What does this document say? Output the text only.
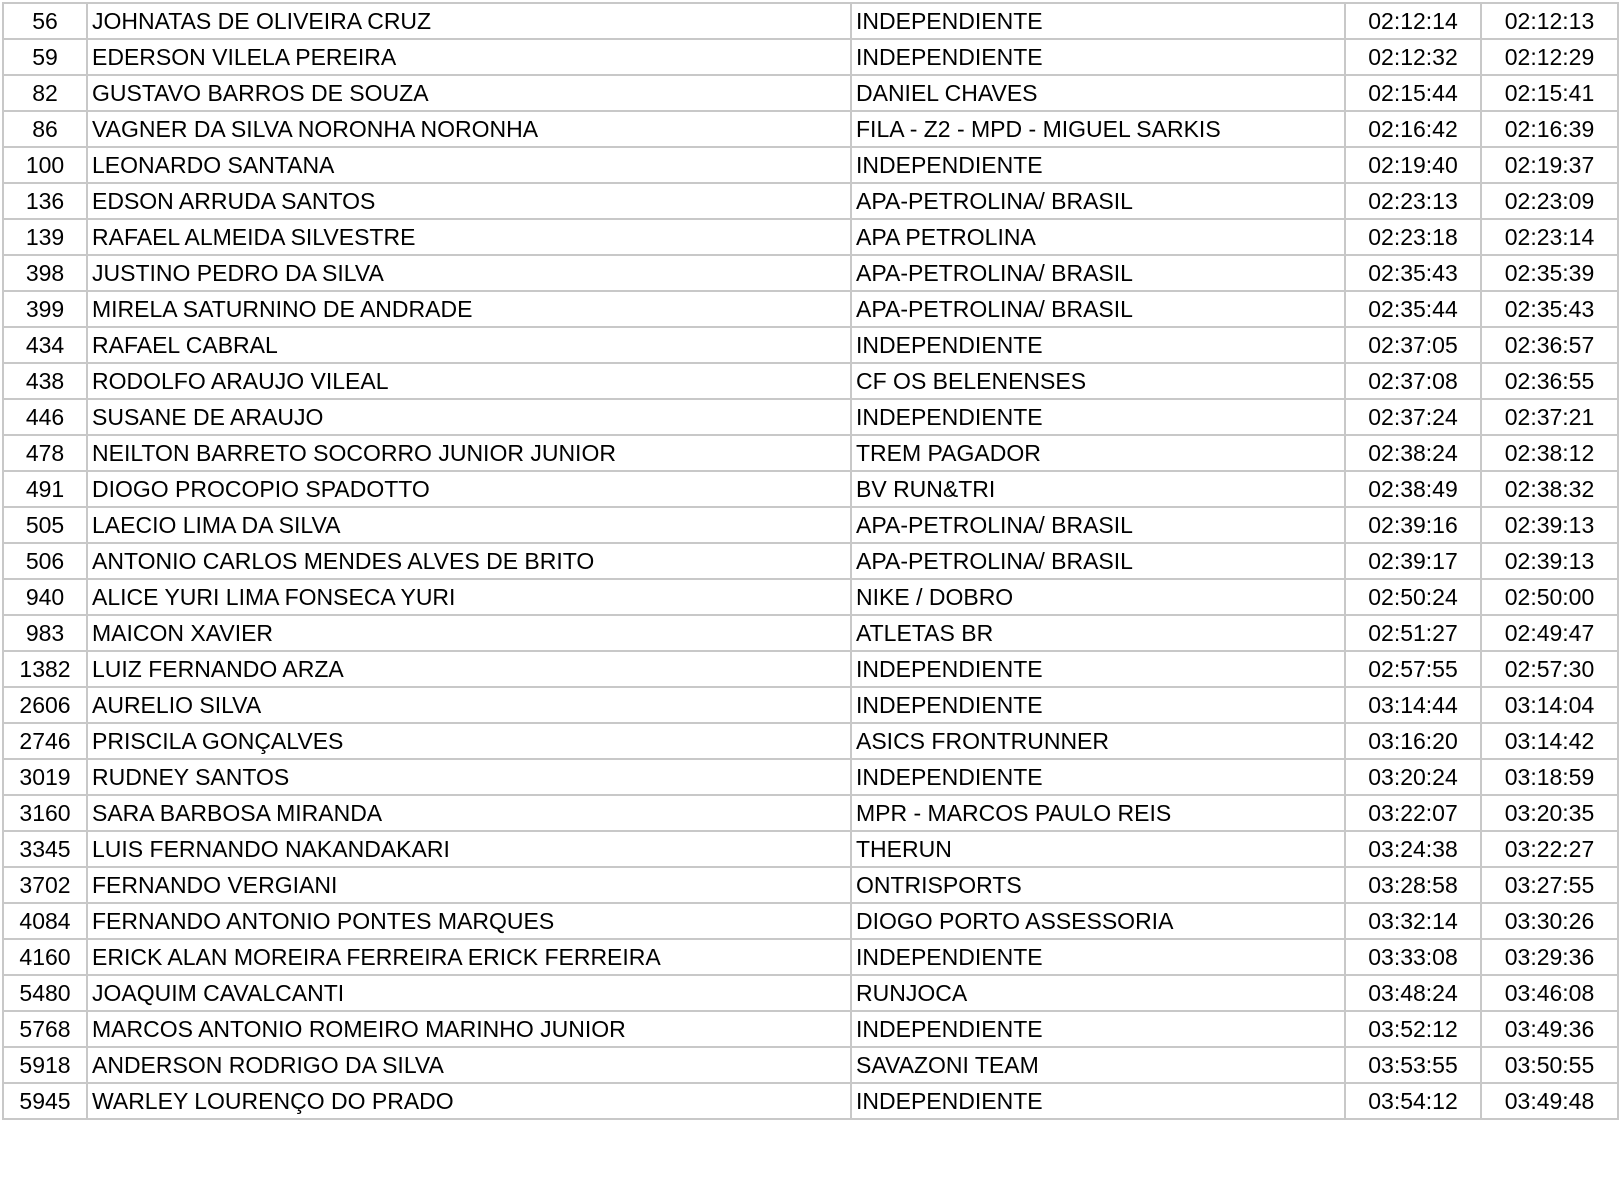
56	JOHNATAS DE OLIVEIRA CRUZ	INDEPENDIENTE	02:12:14	02:12:13
59	EDERSON VILELA PEREIRA	INDEPENDIENTE	02:12:32	02:12:29
82	GUSTAVO BARROS DE SOUZA	DANIEL CHAVES	02:15:44	02:15:41
86	VAGNER DA SILVA NORONHA NORONHA	FILA - Z2 - MPD - MIGUEL SARKIS	02:16:42	02:16:39
100	LEONARDO SANTANA	INDEPENDIENTE	02:19:40	02:19:37
136	EDSON ARRUDA SANTOS	APA-PETROLINA/ BRASIL	02:23:13	02:23:09
139	RAFAEL ALMEIDA SILVESTRE	APA PETROLINA	02:23:18	02:23:14
398	JUSTINO PEDRO DA SILVA	APA-PETROLINA/ BRASIL	02:35:43	02:35:39
399	MIRELA SATURNINO DE ANDRADE	APA-PETROLINA/ BRASIL	02:35:44	02:35:43
434	RAFAEL CABRAL	INDEPENDIENTE	02:37:05	02:36:57
438	RODOLFO ARAUJO VILEAL	CF OS BELENENSES	02:37:08	02:36:55
446	SUSANE DE ARAUJO	INDEPENDIENTE	02:37:24	02:37:21
478	NEILTON BARRETO SOCORRO JUNIOR JUNIOR	TREM PAGADOR	02:38:24	02:38:12
491	DIOGO PROCOPIO SPADOTTO	BV RUN&TRI	02:38:49	02:38:32
505	LAECIO LIMA DA SILVA	APA-PETROLINA/ BRASIL	02:39:16	02:39:13
506	ANTONIO CARLOS MENDES ALVES DE BRITO	APA-PETROLINA/ BRASIL	02:39:17	02:39:13
940	ALICE YURI LIMA FONSECA YURI	NIKE / DOBRO	02:50:24	02:50:00
983	MAICON XAVIER	ATLETAS BR	02:51:27	02:49:47
1382	LUIZ FERNANDO ARZA	INDEPENDIENTE	02:57:55	02:57:30
2606	AURELIO SILVA	INDEPENDIENTE	03:14:44	03:14:04
2746	PRISCILA GONÇALVES	ASICS FRONTRUNNER	03:16:20	03:14:42
3019	RUDNEY SANTOS	INDEPENDIENTE	03:20:24	03:18:59
3160	SARA BARBOSA MIRANDA	MPR - MARCOS PAULO REIS	03:22:07	03:20:35
3345	LUIS FERNANDO NAKANDAKARI	THERUN	03:24:38	03:22:27
3702	FERNANDO VERGIANI	ONTRISPORTS	03:28:58	03:27:55
4084	FERNANDO ANTONIO PONTES MARQUES	DIOGO PORTO ASSESSORIA	03:32:14	03:30:26
4160	ERICK ALAN MOREIRA FERREIRA ERICK FERREIRA	INDEPENDIENTE	03:33:08	03:29:36
5480	JOAQUIM CAVALCANTI	RUNJOCA	03:48:24	03:46:08
5768	MARCOS ANTONIO ROMEIRO MARINHO JUNIOR	INDEPENDIENTE	03:52:12	03:49:36
5918	ANDERSON RODRIGO DA SILVA	SAVAZONI TEAM	03:53:55	03:50:55
5945	WARLEY LOURENÇO DO PRADO	INDEPENDIENTE	03:54:12	03:49:48
